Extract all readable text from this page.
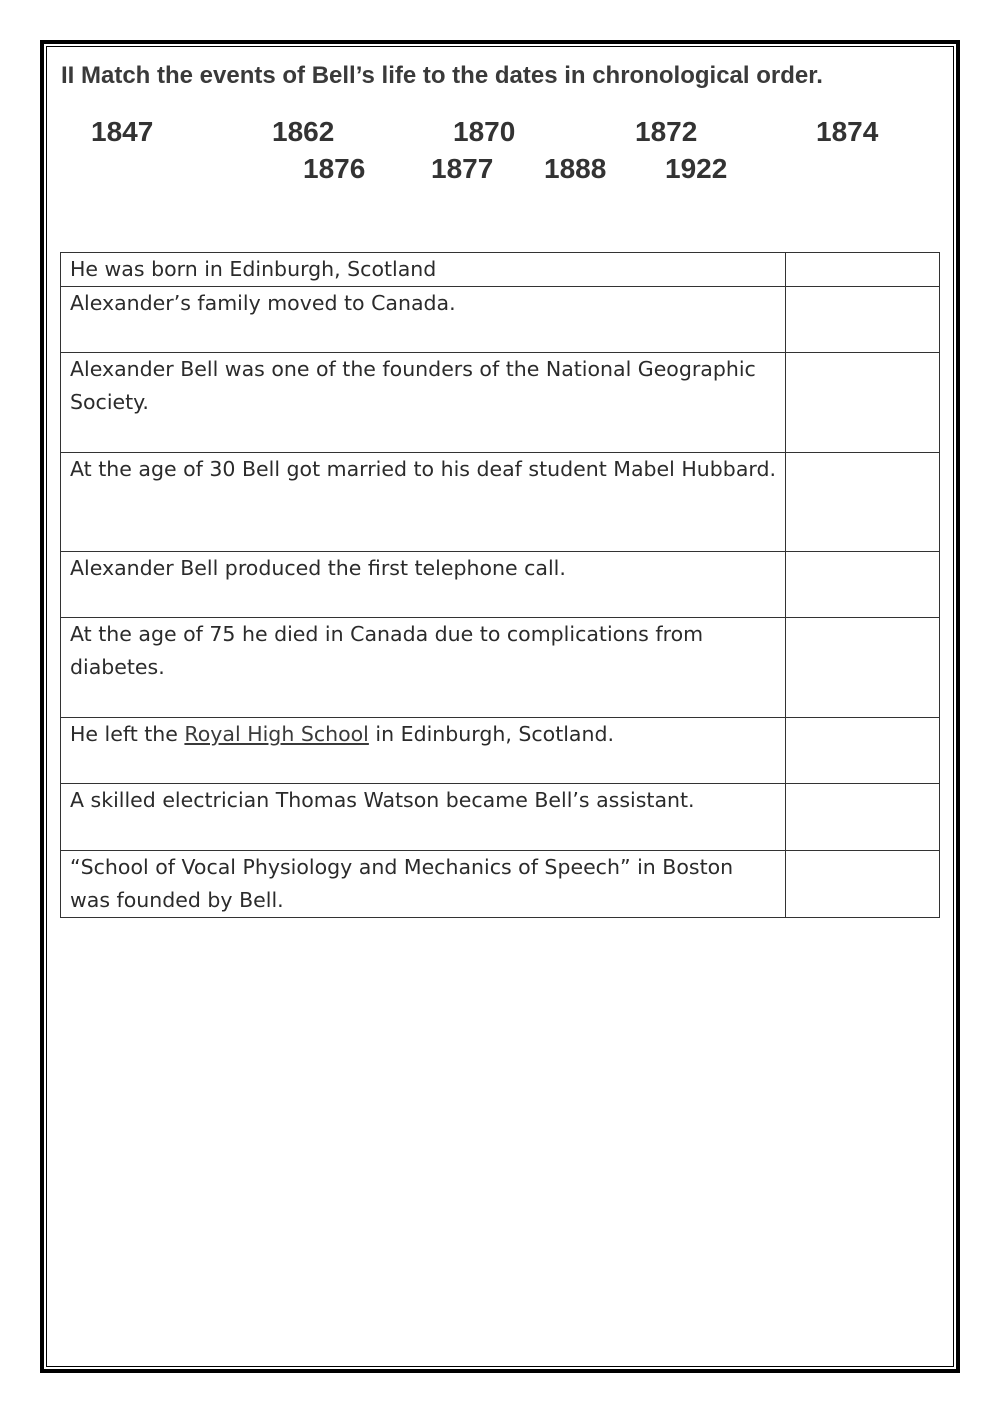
II Match the events of Bell’s life to the dates in chronological order.

1847	1862	1870	1872	1874
1876 1877 1888 1922
He was born in Edinburgh, Scotland	
Alexander’s family moved to Canada.	
Alexander Bell was one of the founders of the National Geographic Society.	
At the age of 30 Bell got married to his deaf student Mabel Hubbard.	
Alexander Bell produced the first telephone call.	
At the age of 75 he died in Canada due to complications from diabetes.	
He left the Royal High School in Edinburgh, Scotland.	
A skilled electrician Thomas Watson became Bell’s assistant.	
“School of Vocal Physiology and Mechanics of Speech” in Boston was founded by Bell.	
